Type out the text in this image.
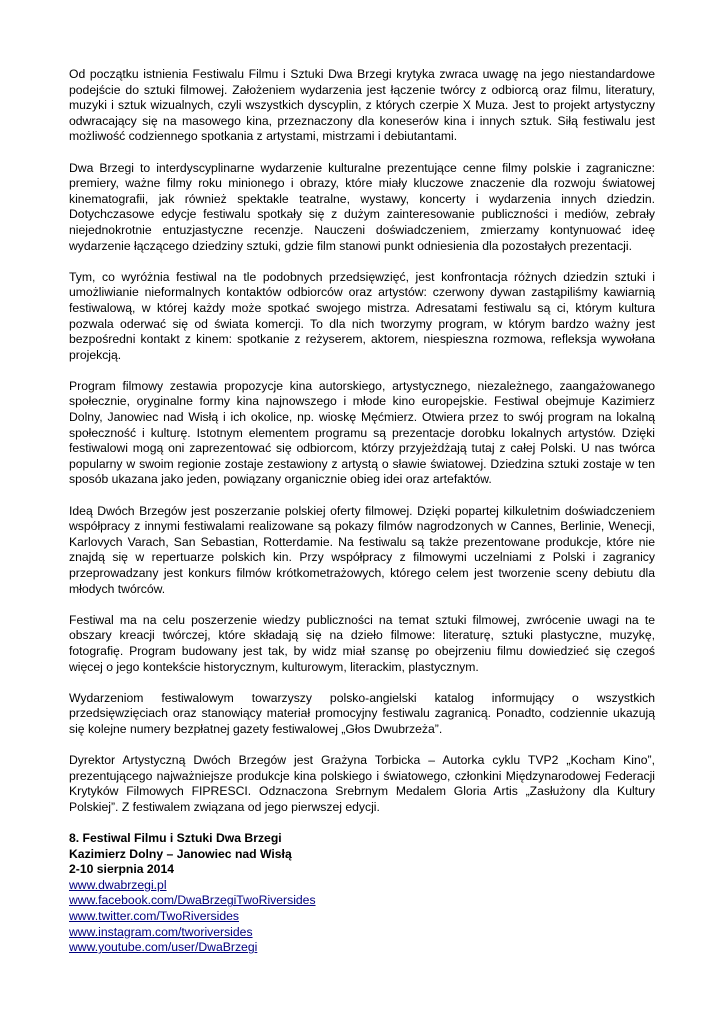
Od początku istnienia Festiwalu Filmu i Sztuki Dwa Brzegi krytyka zwraca uwagę na jego niestandardowe podejście do sztuki filmowej. Założeniem wydarzenia jest łączenie twórcy z odbiorcą oraz filmu, literatury, muzyki i sztuk wizualnych, czyli wszystkich dyscyplin, z których czerpie X Muza. Jest to projekt artystyczny odwracający się na masowego kina, przeznaczony dla koneserów kina i innych sztuk. Siłą festiwalu jest możliwość codziennego spotkania z artystami, mistrzami i debiutantami.

Dwa Brzegi to interdyscyplinarne wydarzenie kulturalne prezentujące cenne filmy polskie i zagraniczne: premiery, ważne filmy roku minionego i obrazy, które miały kluczowe znaczenie dla rozwoju światowej kinematografii, jak również spektakle teatralne, wystawy, koncerty i wydarzenia innych dziedzin. Dotychczasowe edycje festiwalu spotkały się z dużym zainteresowanie publiczności i mediów, zebrały niejednokrotnie entuzjastyczne recenzje. Nauczeni doświadczeniem, zmierzamy kontynuować ideę wydarzenie łączącego dziedziny sztuki, gdzie film stanowi punkt odniesienia dla pozostałych prezentacji.

Tym, co wyróżnia festiwal na tle podobnych przedsięwzięć, jest konfrontacja różnych dziedzin sztuki i umożliwianie nieformalnych kontaktów odbiorców oraz artystów: czerwony dywan zastąpiliśmy kawiarnią festiwalową, w której każdy może spotkać swojego mistrza. Adresatami festiwalu są ci, którym kultura pozwala oderwać się od świata komercji. To dla nich tworzymy program, w którym bardzo ważny jest bezpośredni kontakt z kinem: spotkanie z reżyserem, aktorem, niespieszna rozmowa, refleksja wywołana projekcją.

Program filmowy zestawia propozycje kina autorskiego, artystycznego, niezależnego, zaangażowanego społecznie, oryginalne formy kina najnowszego i młode kino europejskie. Festiwal obejmuje Kazimierz Dolny, Janowiec nad Wisłą i ich okolice, np. wioskę Męćmierz. Otwiera przez to swój program na lokalną społeczność i kulturę. Istotnym elementem programu są prezentacje dorobku lokalnych artystów. Dzięki festiwalowi mogą oni zaprezentować się odbiorcom, którzy przyjeżdżają tutaj z całej Polski. U nas twórca popularny w swoim regionie zostaje zestawiony z artystą o sławie światowej. Dziedzina sztuki zostaje w ten sposób ukazana jako jeden, powiązany organicznie obieg idei oraz artefaktów.

Ideą Dwóch Brzegów jest poszerzanie polskiej oferty filmowej. Dzięki popartej kilkuletnim doświadczeniem współpracy z innymi festiwalami realizowane są pokazy filmów nagrodzonych w Cannes, Berlinie, Wenecji, Karlovych Varach, San Sebastian, Rotterdamie. Na festiwalu są także prezentowane produkcje, które nie znajdą się w repertuarze polskich kin. Przy współpracy z filmowymi uczelniami z Polski i zagranicy przeprowadzany jest konkurs filmów krótkometrażowych, którego celem jest tworzenie sceny debiutu dla młodych twórców.

Festiwal ma na celu poszerzenie wiedzy publiczności na temat sztuki filmowej, zwrócenie uwagi na te obszary kreacji twórczej, które składają się na dzieło filmowe: literaturę, sztuki plastyczne, muzykę, fotografię. Program budowany jest tak, by widz miał szansę po obejrzeniu filmu dowiedzieć się czegoś więcej o jego kontekście historycznym, kulturowym, literackim, plastycznym.

Wydarzeniom festiwalowym towarzyszy polsko-angielski katalog informujący o wszystkich przedsięwzięciach oraz stanowiący materiał promocyjny festiwalu zagranicą. Ponadto, codziennie ukazują się kolejne numery bezpłatnej gazety festiwalowej „Głos Dwubrzeża”.

Dyrektor Artystyczną Dwóch Brzegów jest Grażyna Torbicka – Autorka cyklu TVP2 „Kocham Kino”, prezentującego najważniejsze produkcje kina polskiego i światowego, członkini Międzynarodowej Federacji Krytyków Filmowych FIPRESCI. Odznaczona Srebrnym Medalem Gloria Artis „Zasłużony dla Kultury Polskiej”. Z festiwalem związana od jego pierwszej edycji.

8. Festiwal Filmu i Sztuki Dwa Brzegi
Kazimierz Dolny – Janowiec nad Wisłą
2-10 sierpnia 2014
www.dwabrzegi.pl
www.facebook.com/DwaBrzegiTwoRiversides
www.twitter.com/TwoRiversides
www.instagram.com/tworiversides
www.youtube.com/user/DwaBrzegi
